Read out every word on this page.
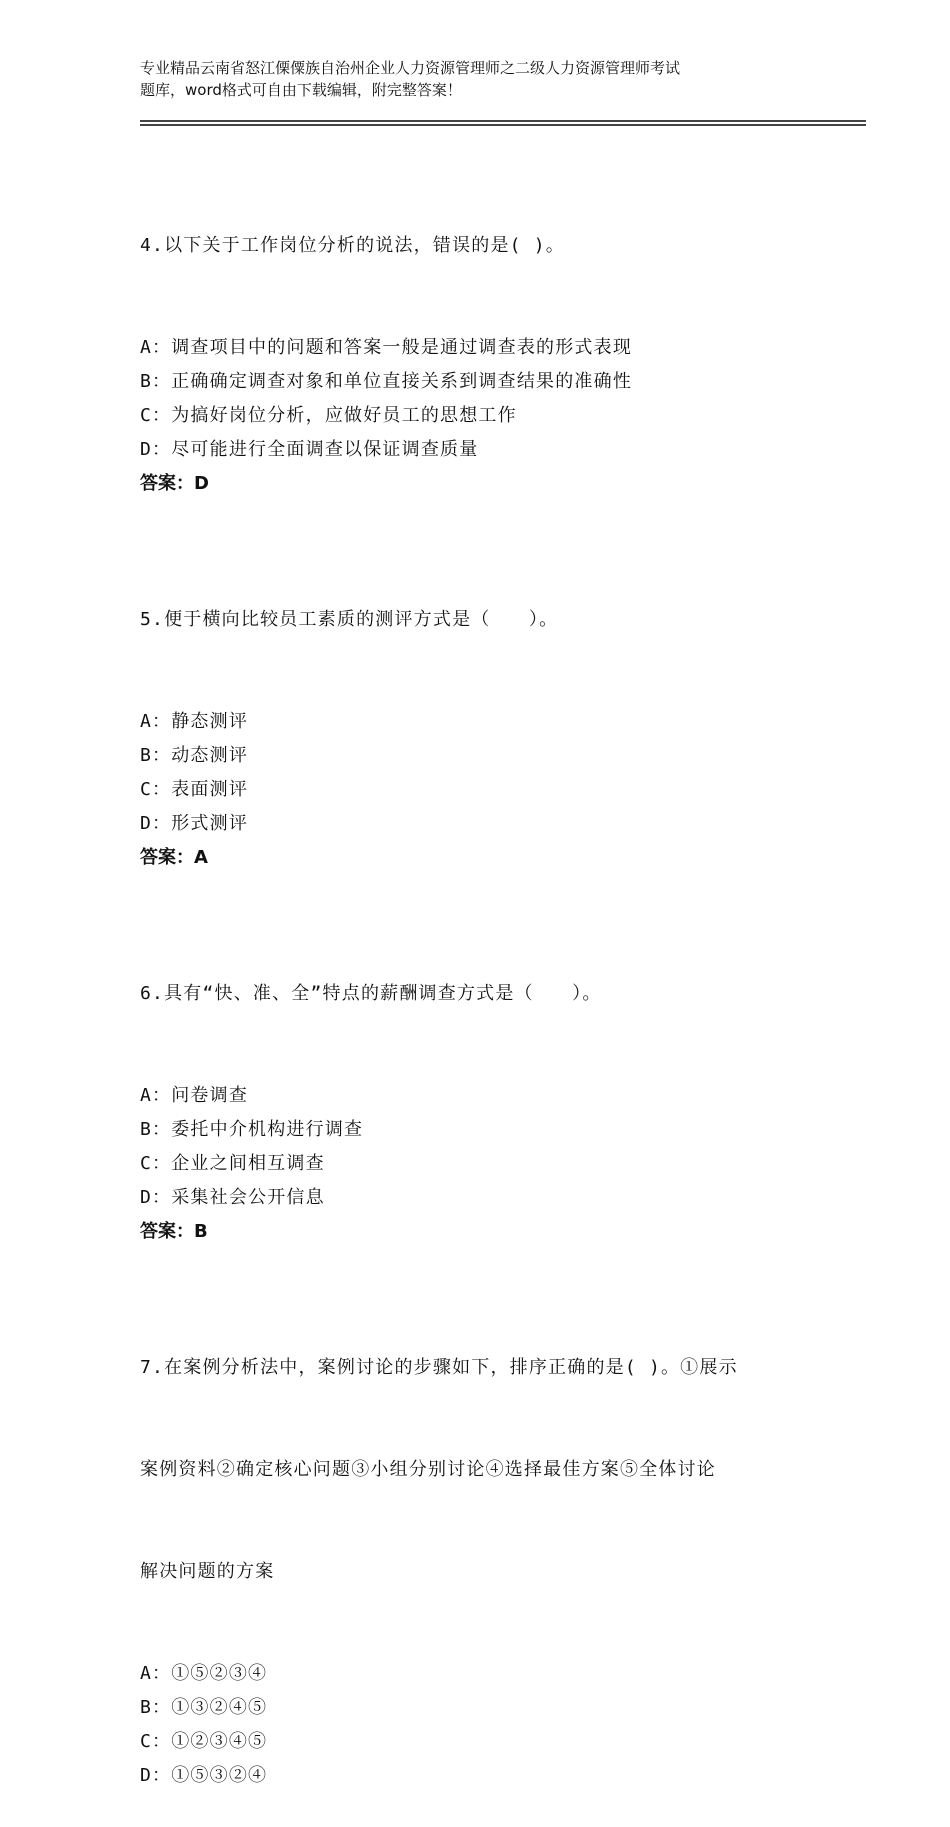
专业精品云南省怒江傈僳族自治州企业人力资源管理师之二级人力资源管理师考试
题库，word格式可自由下载编辑，附完整答案！

4.以下关于工作岗位分析的说法，错误的是( )。

A：调查项目中的问题和答案一般是通过调查表的形式表现
B：正确确定调查对象和单位直接关系到调查结果的准确性
C：为搞好岗位分析，应做好员工的思想工作
D：尽可能进行全面调查以保证调查质量
答案：D

5.便于横向比较员工素质的测评方式是（　　）。

A：静态测评
B：动态测评
C：表面测评
D：形式测评
答案：A

6.具有“快、准、全”特点的薪酬调查方式是（　　）。

A：问卷调查
B：委托中介机构进行调查
C：企业之间相互调查
D：采集社会公开信息
答案：B

7.在案例分析法中，案例讨论的步骤如下，排序正确的是( )。①展示

案例资料②确定核心问题③小组分别讨论④选择最佳方案⑤全体讨论

解决问题的方案

A：①⑤②③④
B：①③②④⑤
C：①②③④⑤
D：①⑤③②④
